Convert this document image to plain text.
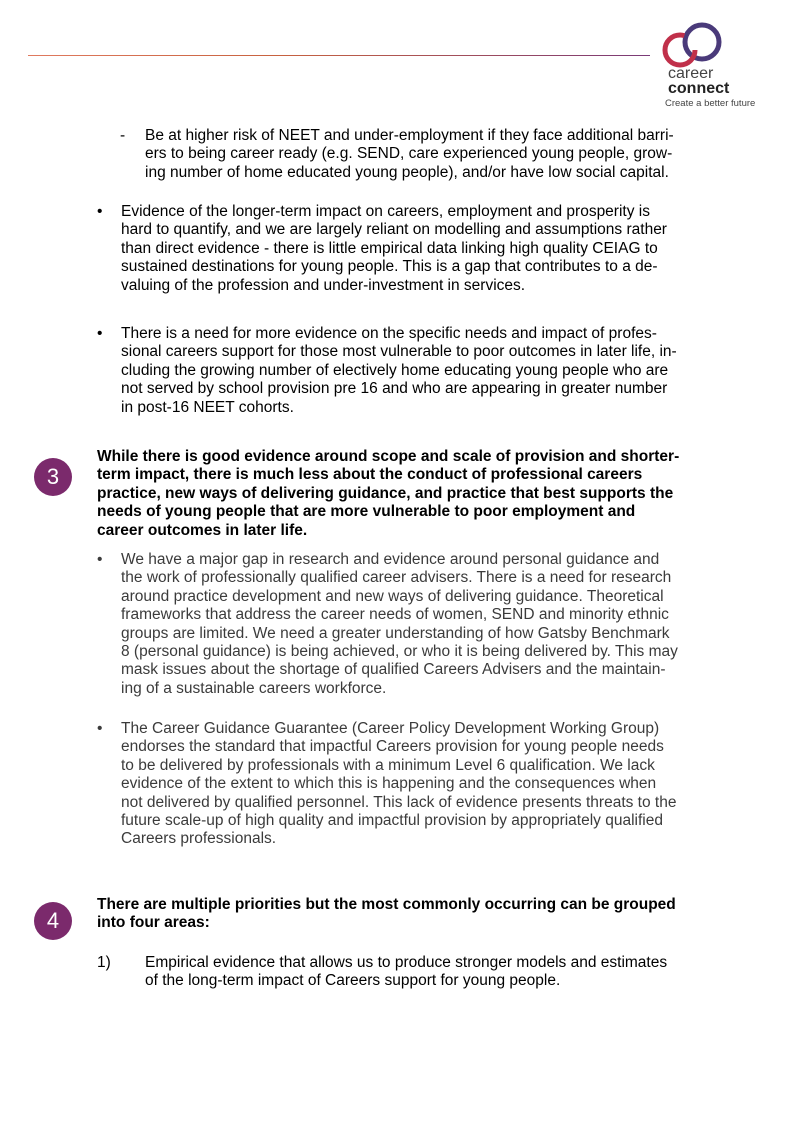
career
connect
Create a better future
- Be at higher risk of NEET and under-employment if they face additional barri-
ers to being career ready (e.g. SEND, care experienced young people, grow-
ing number of home educated young people), and/or have low social capital.
• Evidence of the longer-term impact on careers, employment and prosperity is
hard to quantify, and we are largely reliant on modelling and assumptions rather
than direct evidence - there is little empirical data linking high quality CEIAG to
sustained destinations for young people. This is a gap that contributes to a de-
valuing of the profession and under-investment in services.
• There is a need for more evidence on the specific needs and impact of profes-
sional careers support for those most vulnerable to poor outcomes in later life, in-
cluding the growing number of electively home educating young people who are
not served by school provision pre 16 and who are appearing in greater number
in post-16 NEET cohorts.
3
While there is good evidence around scope and scale of provision and shorter-
term impact, there is much less about the conduct of professional careers
practice, new ways of delivering guidance, and practice that best supports the
needs of young people that are more vulnerable to poor employment and
career outcomes in later life.
• We have a major gap in research and evidence around personal guidance and
the work of professionally qualified career advisers. There is a need for research
around practice development and new ways of delivering guidance. Theoretical
frameworks that address the career needs of women, SEND and minority ethnic
groups are limited. We need a greater understanding of how Gatsby Benchmark
8 (personal guidance) is being achieved, or who it is being delivered by. This may
mask issues about the shortage of qualified Careers Advisers and the maintain-
ing of a sustainable careers workforce.
• The Career Guidance Guarantee (Career Policy Development Working Group)
endorses the standard that impactful Careers provision for young people needs
to be delivered by professionals with a minimum Level 6 qualification. We lack
evidence of the extent to which this is happening and the consequences when
not delivered by qualified personnel. This lack of evidence presents threats to the
future scale-up of high quality and impactful provision by appropriately qualified
Careers professionals.
4
There are multiple priorities but the most commonly occurring can be grouped
into four areas:
1) Empirical evidence that allows us to produce stronger models and estimates
of the long-term impact of Careers support for young people.
